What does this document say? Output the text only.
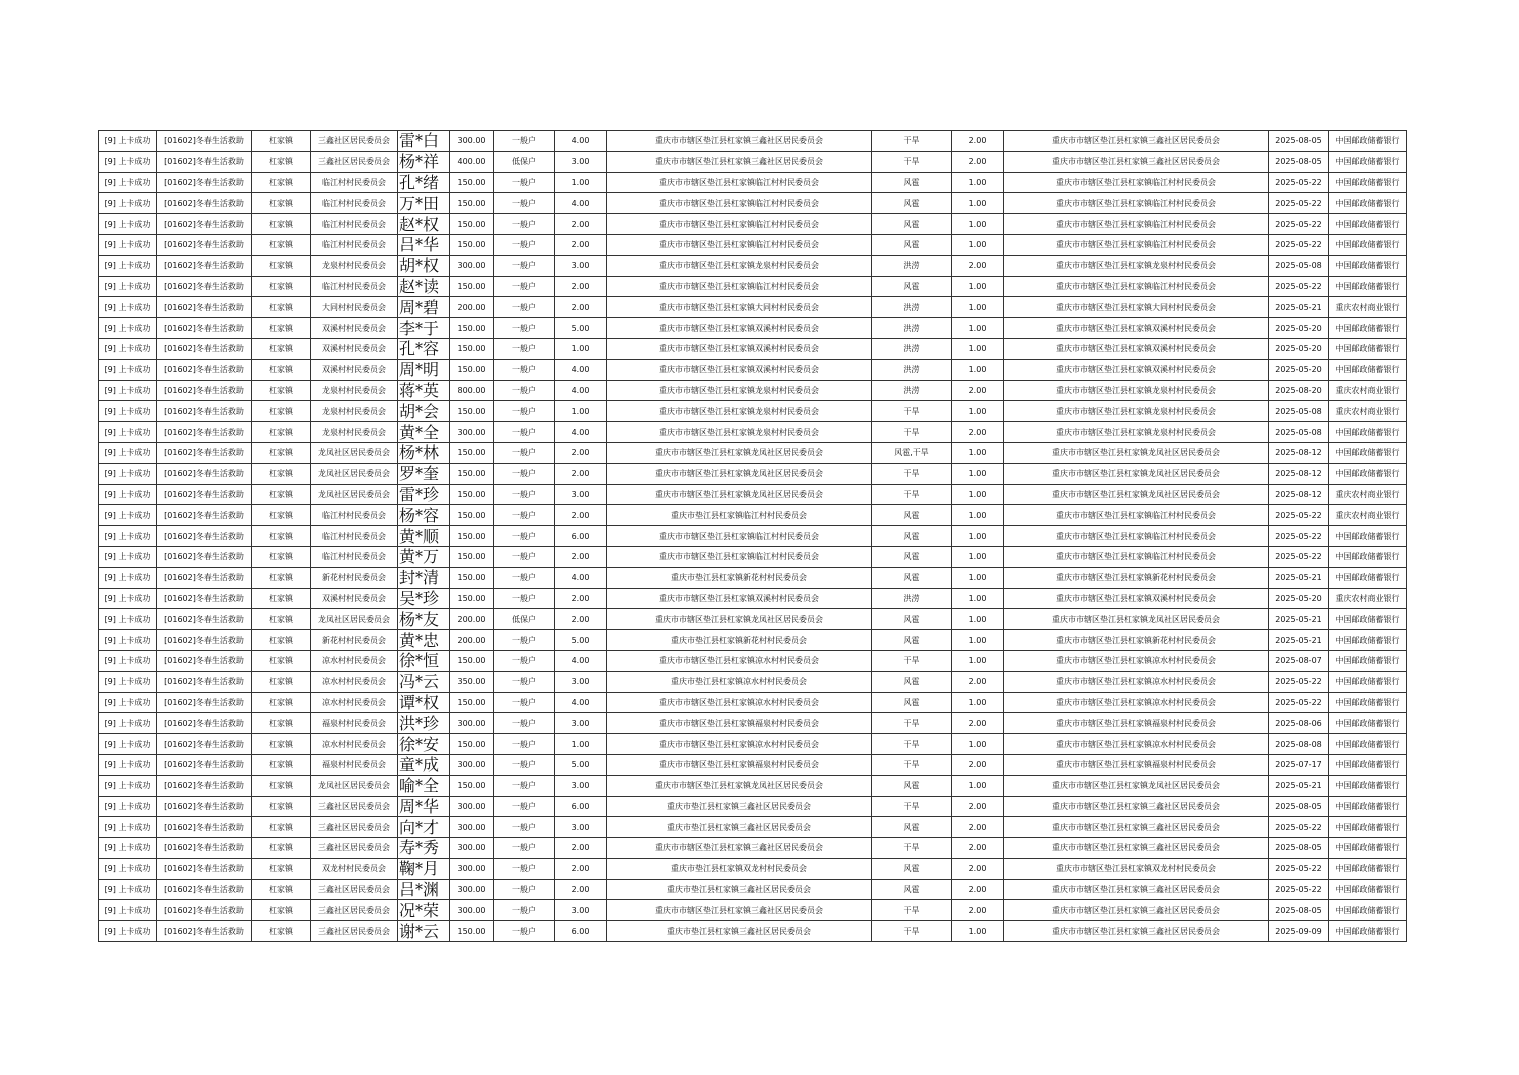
[9] 上卡成功	[01602]冬春生活救助	杠家镇	三鑫社区居民委员会	雷*白	300.00	一般户	4.00	重庆市市辖区垫江县杠家镇三鑫社区居民委员会	干旱	2.00	重庆市市辖区垫江县杠家镇三鑫社区居民委员会	2025-08-05	中国邮政储蓄银行
[9] 上卡成功	[01602]冬春生活救助	杠家镇	三鑫社区居民委员会	杨*祥	400.00	低保户	3.00	重庆市市辖区垫江县杠家镇三鑫社区居民委员会	干旱	2.00	重庆市市辖区垫江县杠家镇三鑫社区居民委员会	2025-08-05	中国邮政储蓄银行
[9] 上卡成功	[01602]冬春生活救助	杠家镇	临江村村民委员会	孔*绪	150.00	一般户	1.00	重庆市市辖区垫江县杠家镇临江村村民委员会	风雹	1.00	重庆市市辖区垫江县杠家镇临江村村民委员会	2025-05-22	中国邮政储蓄银行
[9] 上卡成功	[01602]冬春生活救助	杠家镇	临江村村民委员会	万*田	150.00	一般户	4.00	重庆市市辖区垫江县杠家镇临江村村民委员会	风雹	1.00	重庆市市辖区垫江县杠家镇临江村村民委员会	2025-05-22	中国邮政储蓄银行
[9] 上卡成功	[01602]冬春生活救助	杠家镇	临江村村民委员会	赵*权	150.00	一般户	2.00	重庆市市辖区垫江县杠家镇临江村村民委员会	风雹	1.00	重庆市市辖区垫江县杠家镇临江村村民委员会	2025-05-22	中国邮政储蓄银行
[9] 上卡成功	[01602]冬春生活救助	杠家镇	临江村村民委员会	吕*华	150.00	一般户	2.00	重庆市市辖区垫江县杠家镇临江村村民委员会	风雹	1.00	重庆市市辖区垫江县杠家镇临江村村民委员会	2025-05-22	中国邮政储蓄银行
[9] 上卡成功	[01602]冬春生活救助	杠家镇	龙泉村村民委员会	胡*权	300.00	一般户	3.00	重庆市市辖区垫江县杠家镇龙泉村村民委员会	洪涝	2.00	重庆市市辖区垫江县杠家镇龙泉村村民委员会	2025-05-08	中国邮政储蓄银行
[9] 上卡成功	[01602]冬春生活救助	杠家镇	临江村村民委员会	赵*读	150.00	一般户	2.00	重庆市市辖区垫江县杠家镇临江村村民委员会	风雹	1.00	重庆市市辖区垫江县杠家镇临江村村民委员会	2025-05-22	中国邮政储蓄银行
[9] 上卡成功	[01602]冬春生活救助	杠家镇	大同村村民委员会	周*碧	200.00	一般户	2.00	重庆市市辖区垫江县杠家镇大同村村民委员会	洪涝	1.00	重庆市市辖区垫江县杠家镇大同村村民委员会	2025-05-21	重庆农村商业银行
[9] 上卡成功	[01602]冬春生活救助	杠家镇	双溪村村民委员会	李*于	150.00	一般户	5.00	重庆市市辖区垫江县杠家镇双溪村村民委员会	洪涝	1.00	重庆市市辖区垫江县杠家镇双溪村村民委员会	2025-05-20	中国邮政储蓄银行
[9] 上卡成功	[01602]冬春生活救助	杠家镇	双溪村村民委员会	孔*容	150.00	一般户	1.00	重庆市市辖区垫江县杠家镇双溪村村民委员会	洪涝	1.00	重庆市市辖区垫江县杠家镇双溪村村民委员会	2025-05-20	中国邮政储蓄银行
[9] 上卡成功	[01602]冬春生活救助	杠家镇	双溪村村民委员会	周*明	150.00	一般户	4.00	重庆市市辖区垫江县杠家镇双溪村村民委员会	洪涝	1.00	重庆市市辖区垫江县杠家镇双溪村村民委员会	2025-05-20	中国邮政储蓄银行
[9] 上卡成功	[01602]冬春生活救助	杠家镇	龙泉村村民委员会	蒋*英	800.00	一般户	4.00	重庆市市辖区垫江县杠家镇龙泉村村民委员会	洪涝	2.00	重庆市市辖区垫江县杠家镇龙泉村村民委员会	2025-08-20	重庆农村商业银行
[9] 上卡成功	[01602]冬春生活救助	杠家镇	龙泉村村民委员会	胡*会	150.00	一般户	1.00	重庆市市辖区垫江县杠家镇龙泉村村民委员会	干旱	1.00	重庆市市辖区垫江县杠家镇龙泉村村民委员会	2025-05-08	重庆农村商业银行
[9] 上卡成功	[01602]冬春生活救助	杠家镇	龙泉村村民委员会	黄*全	300.00	一般户	4.00	重庆市市辖区垫江县杠家镇龙泉村村民委员会	干旱	2.00	重庆市市辖区垫江县杠家镇龙泉村村民委员会	2025-05-08	中国邮政储蓄银行
[9] 上卡成功	[01602]冬春生活救助	杠家镇	龙凤社区居民委员会	杨*林	150.00	一般户	2.00	重庆市市辖区垫江县杠家镇龙凤社区居民委员会	风雹,干旱	1.00	重庆市市辖区垫江县杠家镇龙凤社区居民委员会	2025-08-12	中国邮政储蓄银行
[9] 上卡成功	[01602]冬春生活救助	杠家镇	龙凤社区居民委员会	罗*奎	150.00	一般户	2.00	重庆市市辖区垫江县杠家镇龙凤社区居民委员会	干旱	1.00	重庆市市辖区垫江县杠家镇龙凤社区居民委员会	2025-08-12	中国邮政储蓄银行
[9] 上卡成功	[01602]冬春生活救助	杠家镇	龙凤社区居民委员会	雷*珍	150.00	一般户	3.00	重庆市市辖区垫江县杠家镇龙凤社区居民委员会	干旱	1.00	重庆市市辖区垫江县杠家镇龙凤社区居民委员会	2025-08-12	重庆农村商业银行
[9] 上卡成功	[01602]冬春生活救助	杠家镇	临江村村民委员会	杨*容	150.00	一般户	2.00	重庆市垫江县杠家镇临江村村民委员会	风雹	1.00	重庆市市辖区垫江县杠家镇临江村村民委员会	2025-05-22	重庆农村商业银行
[9] 上卡成功	[01602]冬春生活救助	杠家镇	临江村村民委员会	黄*顺	150.00	一般户	6.00	重庆市市辖区垫江县杠家镇临江村村民委员会	风雹	1.00	重庆市市辖区垫江县杠家镇临江村村民委员会	2025-05-22	中国邮政储蓄银行
[9] 上卡成功	[01602]冬春生活救助	杠家镇	临江村村民委员会	黄*万	150.00	一般户	2.00	重庆市市辖区垫江县杠家镇临江村村民委员会	风雹	1.00	重庆市市辖区垫江县杠家镇临江村村民委员会	2025-05-22	中国邮政储蓄银行
[9] 上卡成功	[01602]冬春生活救助	杠家镇	新花村村民委员会	封*清	150.00	一般户	4.00	重庆市垫江县杠家镇新花村村民委员会	风雹	1.00	重庆市市辖区垫江县杠家镇新花村村民委员会	2025-05-21	中国邮政储蓄银行
[9] 上卡成功	[01602]冬春生活救助	杠家镇	双溪村村民委员会	吴*珍	150.00	一般户	2.00	重庆市市辖区垫江县杠家镇双溪村村民委员会	洪涝	1.00	重庆市市辖区垫江县杠家镇双溪村村民委员会	2025-05-20	重庆农村商业银行
[9] 上卡成功	[01602]冬春生活救助	杠家镇	龙凤社区居民委员会	杨*友	200.00	低保户	2.00	重庆市市辖区垫江县杠家镇龙凤社区居民委员会	风雹	1.00	重庆市市辖区垫江县杠家镇龙凤社区居民委员会	2025-05-21	中国邮政储蓄银行
[9] 上卡成功	[01602]冬春生活救助	杠家镇	新花村村民委员会	黄*忠	200.00	一般户	5.00	重庆市垫江县杠家镇新花村村民委员会	风雹	1.00	重庆市市辖区垫江县杠家镇新花村村民委员会	2025-05-21	中国邮政储蓄银行
[9] 上卡成功	[01602]冬春生活救助	杠家镇	凉水村村民委员会	徐*恒	150.00	一般户	4.00	重庆市市辖区垫江县杠家镇凉水村村民委员会	干旱	1.00	重庆市市辖区垫江县杠家镇凉水村村民委员会	2025-08-07	中国邮政储蓄银行
[9] 上卡成功	[01602]冬春生活救助	杠家镇	凉水村村民委员会	冯*云	350.00	一般户	3.00	重庆市垫江县杠家镇凉水村村民委员会	风雹	2.00	重庆市市辖区垫江县杠家镇凉水村村民委员会	2025-05-22	中国邮政储蓄银行
[9] 上卡成功	[01602]冬春生活救助	杠家镇	凉水村村民委员会	谭*权	150.00	一般户	4.00	重庆市市辖区垫江县杠家镇凉水村村民委员会	风雹	1.00	重庆市市辖区垫江县杠家镇凉水村村民委员会	2025-05-22	中国邮政储蓄银行
[9] 上卡成功	[01602]冬春生活救助	杠家镇	福泉村村民委员会	洪*珍	300.00	一般户	3.00	重庆市市辖区垫江县杠家镇福泉村村民委员会	干旱	2.00	重庆市市辖区垫江县杠家镇福泉村村民委员会	2025-08-06	中国邮政储蓄银行
[9] 上卡成功	[01602]冬春生活救助	杠家镇	凉水村村民委员会	徐*安	150.00	一般户	1.00	重庆市市辖区垫江县杠家镇凉水村村民委员会	干旱	1.00	重庆市市辖区垫江县杠家镇凉水村村民委员会	2025-08-08	中国邮政储蓄银行
[9] 上卡成功	[01602]冬春生活救助	杠家镇	福泉村村民委员会	童*成	300.00	一般户	5.00	重庆市市辖区垫江县杠家镇福泉村村民委员会	干旱	2.00	重庆市市辖区垫江县杠家镇福泉村村民委员会	2025-07-17	中国邮政储蓄银行
[9] 上卡成功	[01602]冬春生活救助	杠家镇	龙凤社区居民委员会	喻*全	150.00	一般户	3.00	重庆市市辖区垫江县杠家镇龙凤社区居民委员会	风雹	1.00	重庆市市辖区垫江县杠家镇龙凤社区居民委员会	2025-05-21	中国邮政储蓄银行
[9] 上卡成功	[01602]冬春生活救助	杠家镇	三鑫社区居民委员会	周*华	300.00	一般户	6.00	重庆市垫江县杠家镇三鑫社区居民委员会	干旱	2.00	重庆市市辖区垫江县杠家镇三鑫社区居民委员会	2025-08-05	中国邮政储蓄银行
[9] 上卡成功	[01602]冬春生活救助	杠家镇	三鑫社区居民委员会	向*才	300.00	一般户	3.00	重庆市垫江县杠家镇三鑫社区居民委员会	风雹	2.00	重庆市市辖区垫江县杠家镇三鑫社区居民委员会	2025-05-22	中国邮政储蓄银行
[9] 上卡成功	[01602]冬春生活救助	杠家镇	三鑫社区居民委员会	寿*秀	300.00	一般户	2.00	重庆市市辖区垫江县杠家镇三鑫社区居民委员会	干旱	2.00	重庆市市辖区垫江县杠家镇三鑫社区居民委员会	2025-08-05	中国邮政储蓄银行
[9] 上卡成功	[01602]冬春生活救助	杠家镇	双龙村村民委员会	鞠*月	300.00	一般户	2.00	重庆市垫江县杠家镇双龙村村民委员会	风雹	2.00	重庆市市辖区垫江县杠家镇双龙村村民委员会	2025-05-22	中国邮政储蓄银行
[9] 上卡成功	[01602]冬春生活救助	杠家镇	三鑫社区居民委员会	吕*渊	300.00	一般户	2.00	重庆市垫江县杠家镇三鑫社区居民委员会	风雹	2.00	重庆市市辖区垫江县杠家镇三鑫社区居民委员会	2025-05-22	中国邮政储蓄银行
[9] 上卡成功	[01602]冬春生活救助	杠家镇	三鑫社区居民委员会	况*荣	300.00	一般户	3.00	重庆市市辖区垫江县杠家镇三鑫社区居民委员会	干旱	2.00	重庆市市辖区垫江县杠家镇三鑫社区居民委员会	2025-08-05	中国邮政储蓄银行
[9] 上卡成功	[01602]冬春生活救助	杠家镇	三鑫社区居民委员会	谢*云	150.00	一般户	6.00	重庆市垫江县杠家镇三鑫社区居民委员会	干旱	1.00	重庆市市辖区垫江县杠家镇三鑫社区居民委员会	2025-09-09	中国邮政储蓄银行
